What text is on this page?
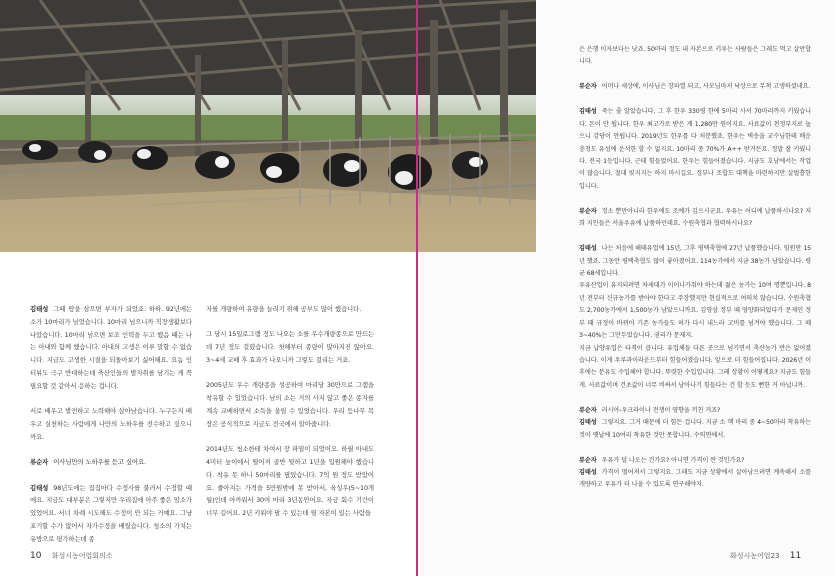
김태성 그때 땅을 삼으면 부자가 되었죠. 하하. 92년에는 소가 10마리가 넘었습니다. 10마리 넘으니까 직장생활보다 나았습니다. 10마리 넘으면 보조 인력을 두고 했음 때는 나는 아내와 함께 했습니다. 아내의 고생은 이루 말할 수 없습니다. 지금도 고생한 시절을 되돌아보기 싫어해요. 요놈 인터뷰도 극구 반대하는데 축산인들의 발자취를 남기는 게 꼭 필요할 것 같아서 응하는 겁니다.

서로 배우고 발전하고 노력해야 살아남습니다. 누구든지 배우고 실천하는 사람에게 나만의 노하우를 전수하고 싶으니까요.

류순자 이사님만의 노하우를 듣고 싶어요.

김태성 98년도에는 집집마다 수정사를 불러서 수정할 때에요. 지금도 대부분은 그렇지만 우리집에 아주 좋은 암소가 있었어요. 서너 차례 시도해도 수정이 안 되는 거예요. 그냥 포기할 수가 없어서 자가수정을 배웠습니다. 청소의 가치는 유방으로 평가하는데 종

자를 개량하여 유량을 늘리기 위해 공부도 많이 했습니다.

그 당시 15일로그램 정도 나오는 소를 우수개량종으로 만드는데 7년 정도 걸렸습니다. 첫해부터 종량이 많아지진 않아요. 3~4세 교배 후 효과가 나오니까 그렇도 걸리는 거죠.

2005년도 우수 개량종을 성공하여 마리당 30만으로 그램을 착유할 수 있었습니다. 남의 소는 거의 사지 않고 좋은 종자를 계속 교배하면서 소득을 올릴 수 있었습니다. 우리 등나무 목장은 공식적으로 지금도 전국에서 알아줍니다.

2014년도 청소한테 차여서 장 파열이 되었어요. 하필 아내도 4미터 높이에서 떨어져 골반 뒷하고 1년을 입원해야 했습니다. 착유 못 하니 50마리를 팔았습니다. 7억 원 정도 받았어요. 줄아지는 가격을 5만원밖에 못 받아서, 육성우(5~10개월)인데 아까워서 30여 마리 3년동안어요. 자금 회수 기간이 너무 길어요. 2년 키워야 팔 수 있는데 뒷 자본이 있는 사람들

은 은행 이자보다는 낫죠. 50마리 정도 내 자본으로 키우는 사람들은 그래도 먹고 살만합니다.

류순자 어머나 세상에, 이사님은 장파열 되고, 사모님마저 낙상으로 무척 고생하셨네요.

김태성 죽는 줄 알았습니다. 그 후 한우 330평 한에 5마리 사서 70마리까지 키웠습니다. 돈이 안 됩니다. 한우 최고가로 받은 게 1,280만 원이지요. 사료값이 천정부지로 높으니 감당이 안됩니다. 2019년도 한우를 다 처분했죠. 한우는 벽송을 교수님한테 배운 충청도 유성에 운석한 할 수 없지요. 10마리 중 70%가 A++ 받거든요. 정말 잘 키웠니다. 전국 1등입니다. 근데 힘들었어요. 한우는 힘들어졌습니다. 지금도 호남에서는 작업이 많습니다. 절대 빚지지는 하지 마시길요. 정부나 조합도 대책을 마련하지만 살벌흡한 입니다.

류순자 정소 뿐만아니라 한우에도 조예가 깊으시군요. 우유는 어디에 납품하시나요? 저희 지인들은 서울우유에 납품하던데요. 수원축협과 협력하시나요?

김태성 나는 처음에 해태유업에 15년, 그후 평택축협에 27년 납품했습니다. 임원만 15년 했죠. 그동안 평택축협도 많이 좋아졌어요. 114농가에서 지금 38농가 남았습니다. 평균 68세입니다.

우유산업이 유지되려면 차세대가 이어나가줘야 하는데 젊은 농가는 10여 명뿐입니다. 8년 전부터 신규농가를 받아야 한다고 주장했지만 현실적으로 여의치 않습니다. 수원축협도 2,700농가에서 1,500농가 남았으니까요. 김영삼 정부 때 영양화되었다가 문재인 정부 때 규정이 바뀌어 기존 농가들도 허가 다시 내느라 고비를 넘겨야 했습니다. 그 때 3~40%는 그만두었습니다. 권리가 문제지.

지금 납양유업은 타격이 큽니다. 유업체들 다른 곳으로 넘기면서 축산농가 반은 없어졌습니다. 이게 우루과이라운드부터 힘들어졌습니다. 앞으로 더 힘들어집니다. 2026년 이후에는 분유도 수입해야 합니다. 뚜렷한 수입입니다. 그래 상황이 어떻게요? 지금도 힘들게. 사료값이며 건초값이 너무 비싸서 남아나기 힘들다는 건 할 듯도 뻔한 거 아닙니까.

류순자 러시아-우크라이나 전쟁이 영향을 끼친 거죠?

김태성 그렇지요. 그거 때문에 더 힘든 겁니다. 지금 소 핵 마리 중 4~50마리 착유하는 것이 옛날에 10여리 착유한 것만 못합니다. 수익면에서.

류순자 우유가 덜 나오는 건가요? 아니면 가격이 싼 것인가요?

김태성 가격이 떨어져서 그렇지요. 그래도 지금 상황에서 살아남으려면 계속해서 소를 개량하고 우유가 더 나올 수 있도록 연구해야지.

10 화성시농어업회의소	화성시농어업23 11
